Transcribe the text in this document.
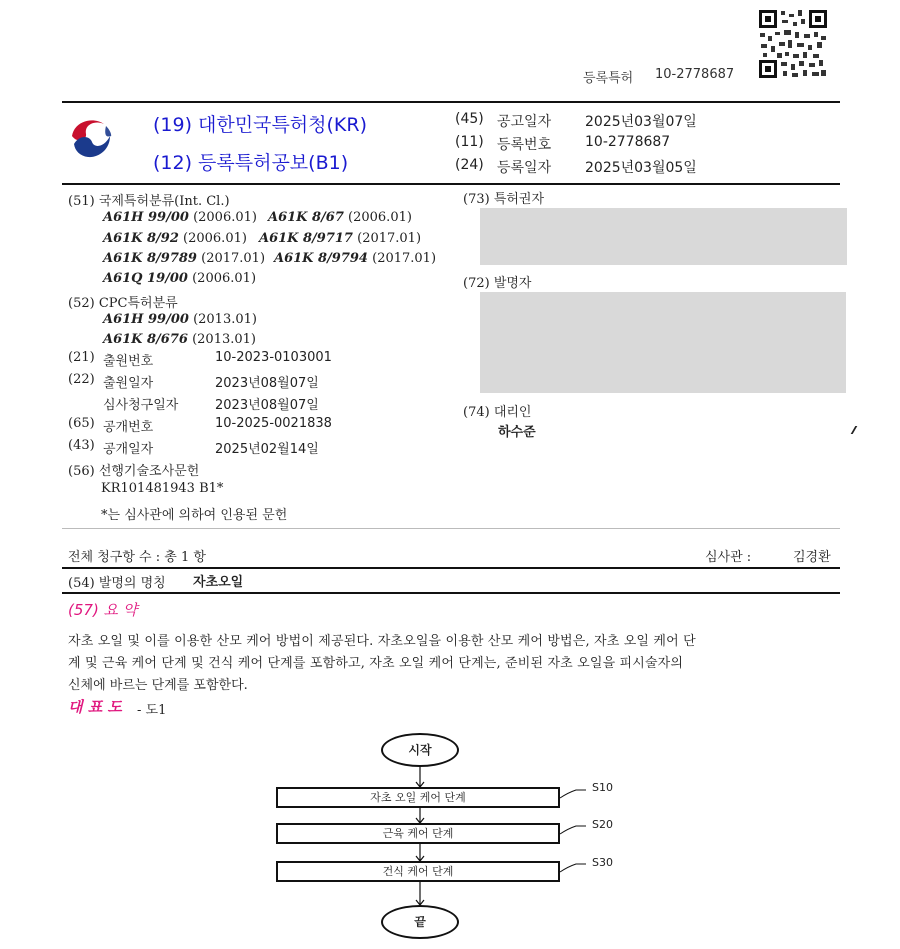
등록특허 10-2778687
(19) 대한민국특허청(KR)
(12) 등록특허공보(B1)
(45) 공고일자 2025년03월07일
(11) 등록번호 10-2778687
(24) 등록일자 2025년03월05일
(51) 국제특허분류(Int. Cl.)
A61H 99/00 (2006.01) A61K 8/67 (2006.01)
A61K 8/92 (2006.01) A61K 8/9717 (2017.01)
A61K 8/9789 (2017.01) A61K 8/9794 (2017.01)
A61Q 19/00 (2006.01)
(52) CPC특허분류
A61H 99/00 (2013.01)
A61K 8/676 (2013.01)
(21) 출원번호	10-2023-0103001
(22) 출원일자	2023년08월07일
심사청구일자	2023년08월07일
(65) 공개번호	10-2025-0021838
(43) 공개일자	2025년02월14일
(56) 선행기술조사문헌
KR101481943 B1*
*는 심사관에 의하여 인용된 문헌
(73) 특허권자
(72) 발명자
(74) 대리인
하수준
전체 청구항 수 : 총 1 항	심사관 :	김경환
(54) 발명의 명칭 자초오일
(57) 요 약
자초 오일 및 이를 이용한 산모 케어 방법이 제공된다. 자초오일을 이용한 산모 케어 방법은, 자초 오일 케어 단
계 및 근육 케어 단계 및 건식 케어 단계를 포함하고, 자초 오일 케어 단계는, 준비된 자초 오일을 피시술자의
신체에 바르는 단계를 포함한다.
대 표 도 - 도1
시작
자초 오일 케어 단계
S10
근육 케어 단계
S20
건식 케어 단계
S30
끝
